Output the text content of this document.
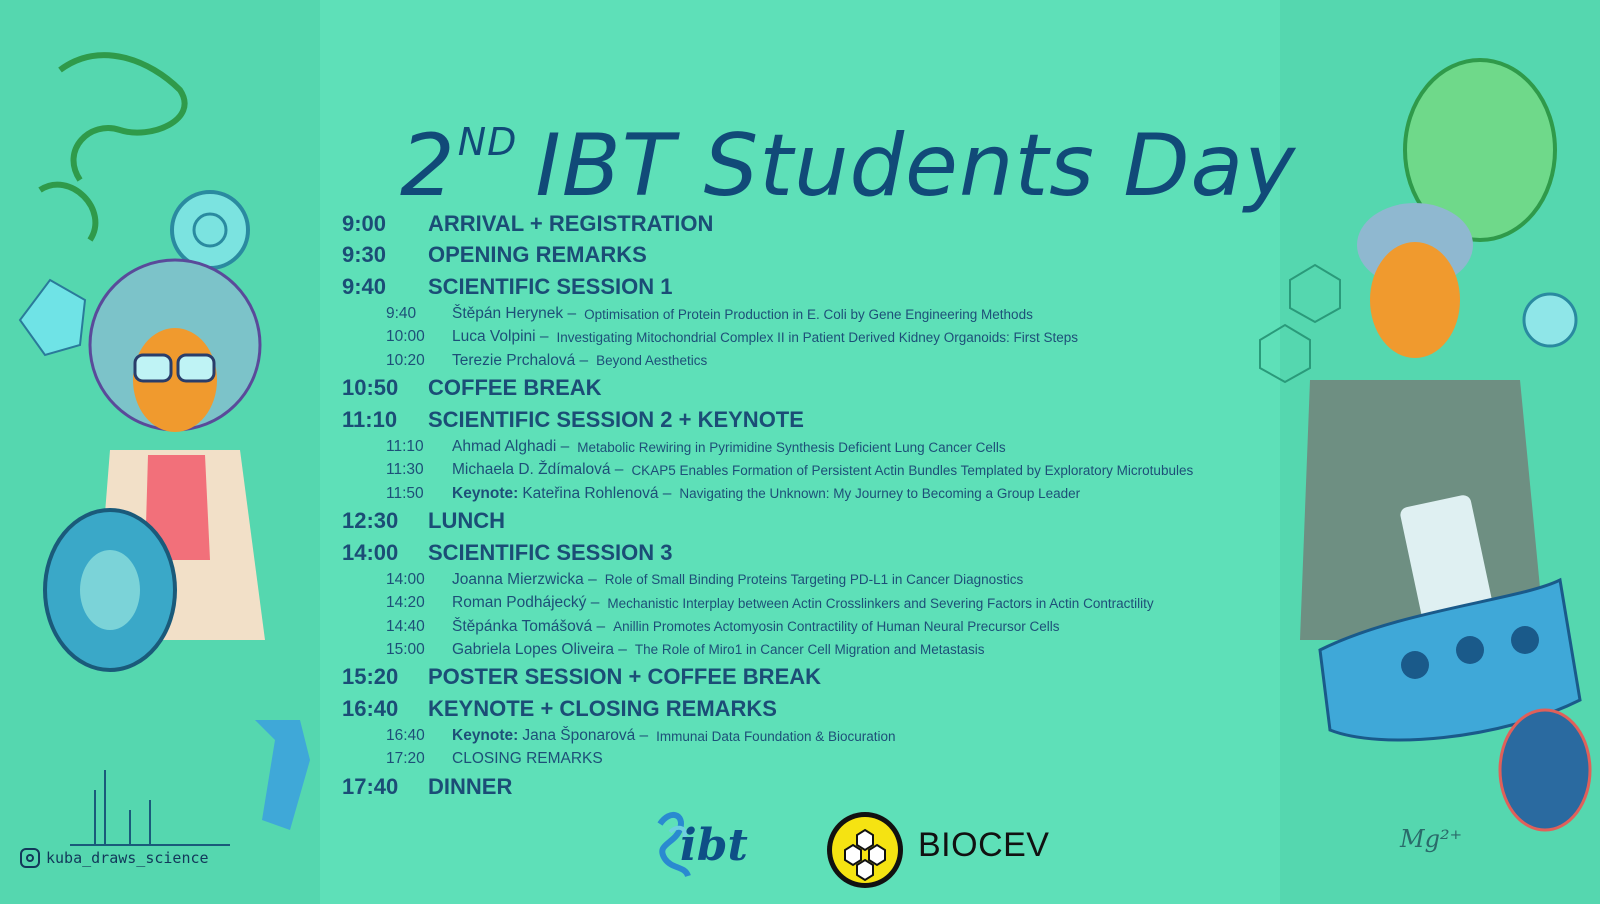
2ND IBT Students Day
9:00	ARRIVAL + REGISTRATION
9:30	OPENING REMARKS
9:40	SCIENTIFIC SESSION 1
9:40	Štěpán Herynek – Optimisation of Protein Production in E. Coli by Gene Engineering Methods
10:00	Luca Volpini – Investigating Mitochondrial Complex II in Patient Derived Kidney Organoids: First Steps
10:20	Terezie Prchalová – Beyond Aesthetics
10:50	COFFEE BREAK
11:10	SCIENTIFIC SESSION 2 + KEYNOTE
11:10	Ahmad Alghadi – Metabolic Rewiring in Pyrimidine Synthesis Deficient Lung Cancer Cells
11:30	Michaela D. Ždímalová – CKAP5 Enables Formation of Persistent Actin Bundles Templated by Exploratory Microtubules
11:50	Keynote: Kateřina Rohlenová – Navigating the Unknown: My Journey to Becoming a Group Leader
12:30	LUNCH
14:00	SCIENTIFIC SESSION 3
14:00	Joanna Mierzwicka – Role of Small Binding Proteins Targeting PD-L1 in Cancer Diagnostics
14:20	Roman Podhájecký – Mechanistic Interplay between Actin Crosslinkers and Severing Factors in Actin Contractility
14:40	Štěpánka Tomášová – Anillin Promotes Actomyosin Contractility of Human Neural Precursor Cells
15:00	Gabriela Lopes Oliveira – The Role of Miro1 in Cancer Cell Migration and Metastasis
15:20	POSTER SESSION + COFFEE BREAK
16:40	KEYNOTE + CLOSING REMARKS
16:40	Keynote: Jana Šponarová – Immunai Data Foundation & Biocuration
17:20	CLOSING REMARKS
17:40	DINNER
ibt	BIOCEV
kuba_draws_science
Mg²⁺
